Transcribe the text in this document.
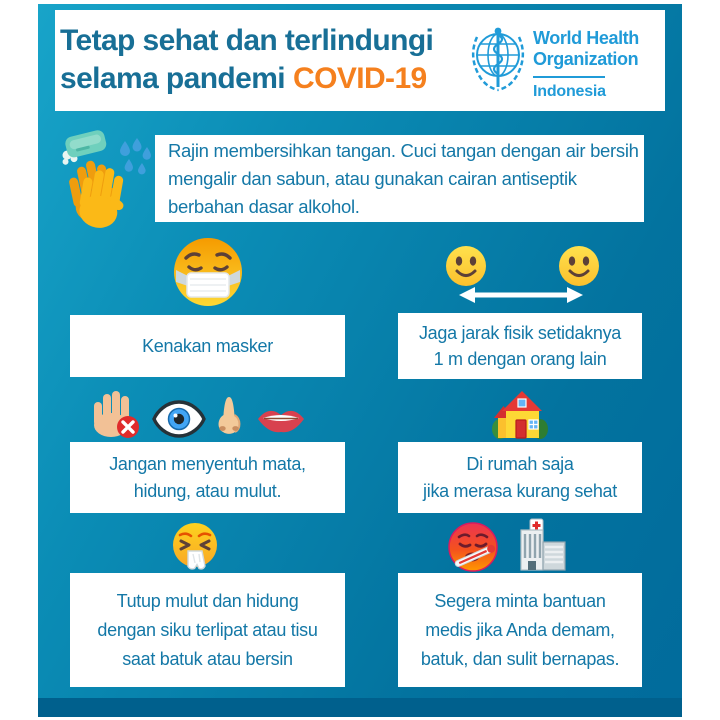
Tetap sehat dan terlindungi
selama pandemi COVID-19
World Health
Organization
Indonesia
Rajin membersihkan tangan. Cuci tangan dengan air bersih
mengalir dan sabun, atau gunakan cairan antiseptik
berbahan dasar alkohol.
Kenakan masker
Jaga jarak fisik setidaknya
1 m dengan orang lain
Jangan menyentuh mata,
hidung, atau mulut.
Di rumah saja
jika merasa kurang sehat
Tutup mulut dan hidung
dengan siku terlipat atau tisu
saat batuk atau bersin
Segera minta bantuan
medis jika Anda demam,
batuk, dan sulit bernapas.
